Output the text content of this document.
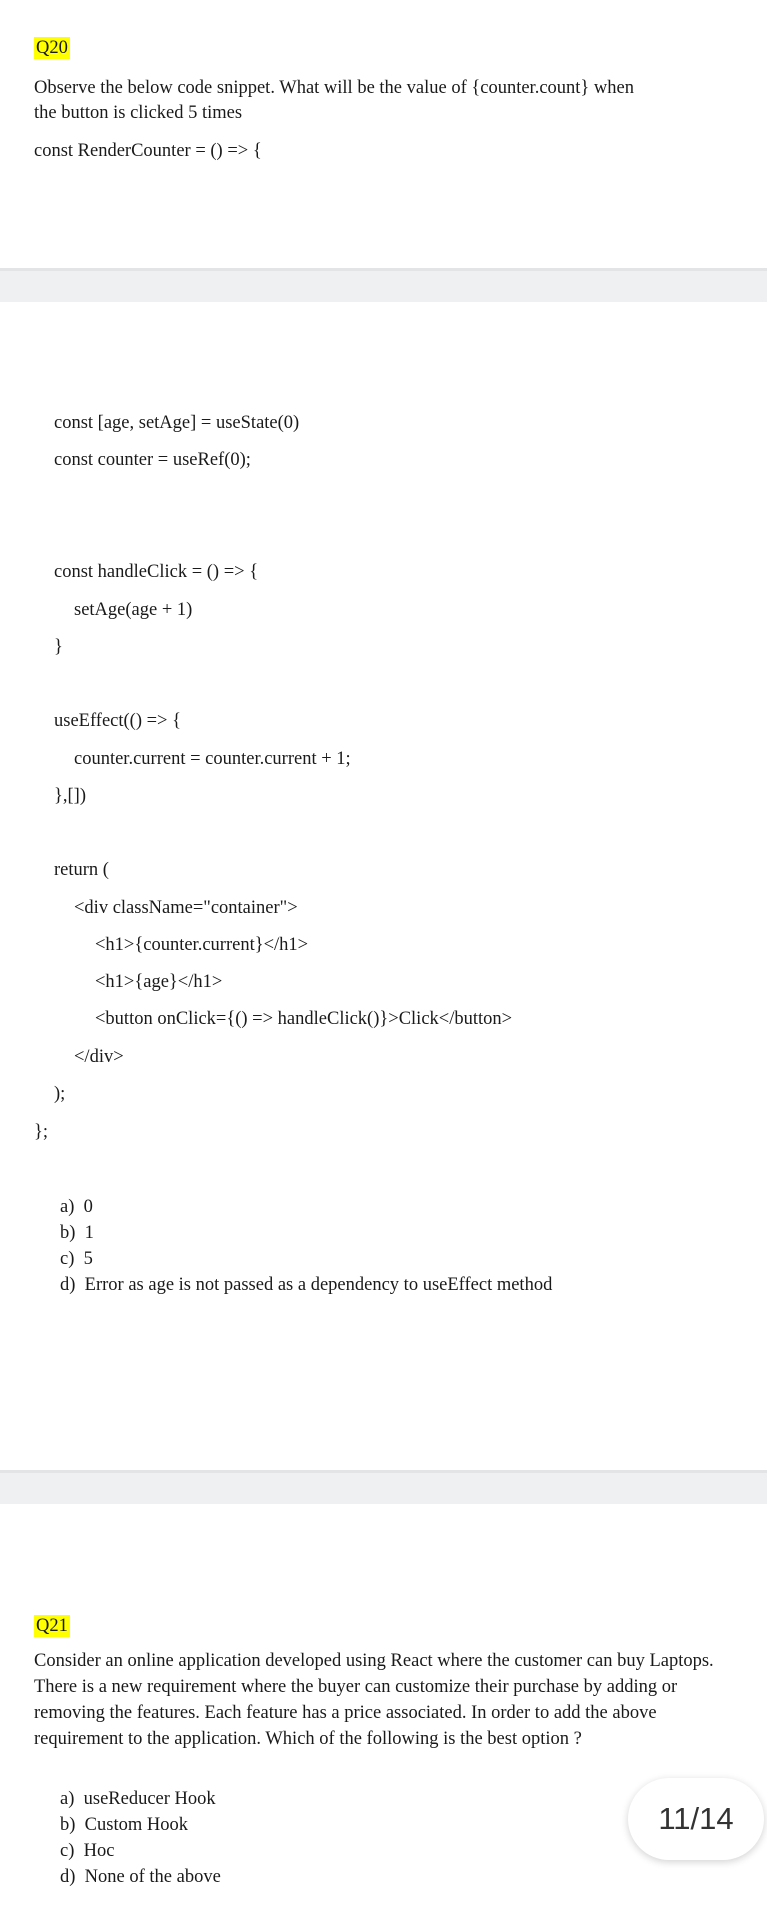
Q20
Observe the below code snippet. What will be the value of {counter.count} when
the button is clicked 5 times
const RenderCounter = () => {
const [age, setAge] = useState(0)
const counter = useRef(0);
const handleClick = () => {
setAge(age + 1)
}
useEffect(() => {
counter.current = counter.current + 1;
},[])
return (
<div className="container">
<h1>{counter.current}</h1>
<h1>{age}</h1>
<button onClick={() => handleClick()}>Click</button>
</div>
);
};
a) 0
b) 1
c) 5
d) Error as age is not passed as a dependency to useEffect method
Q21
Consider an online application developed using React where the customer can buy Laptops. There is a new requirement where the buyer can customize their purchase by adding or removing the features. Each feature has a price associated. In order to add the above requirement to the application. Which of the following is the best option ?
a) useReducer Hook
b) Custom Hook
c) Hoc
d) None of the above
11/14
